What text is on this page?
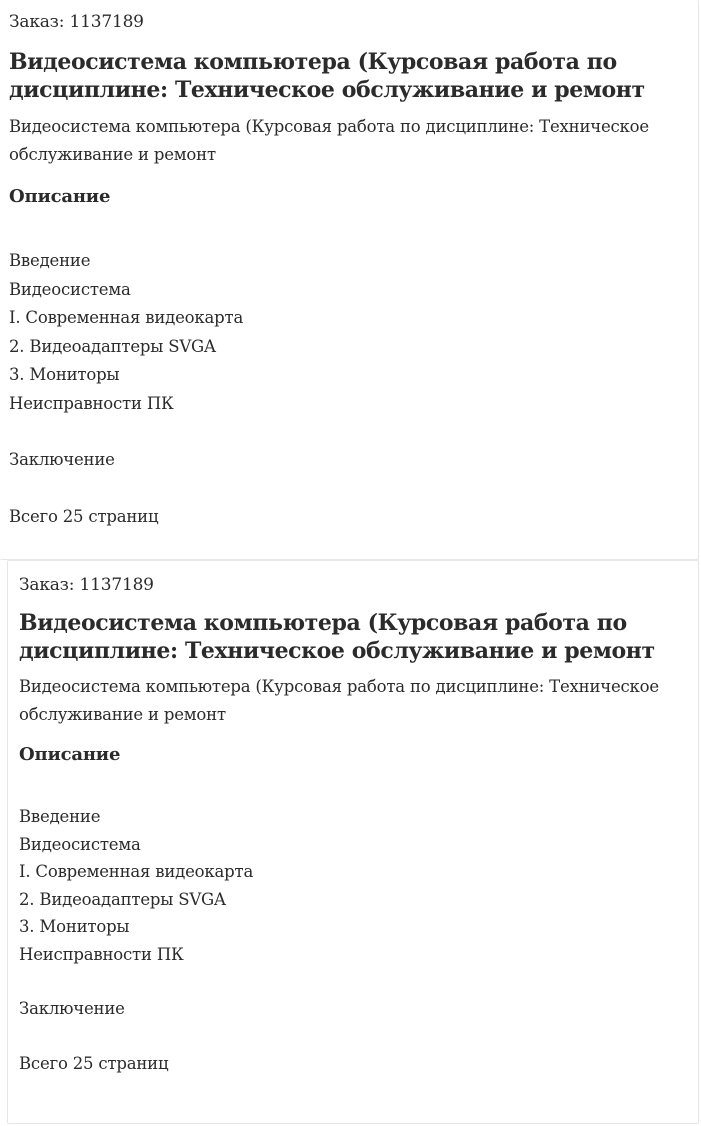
Заказ: 1137189

Видеосистема компьютера (Курсовая работа по дисциплине: Техническое обслуживание и ремонт

Видеосистема компьютера (Курсовая работа по дисциплине: Техническое обслуживание и ремонт

Описание
Введение
Видеосистема
I. Современная видеокарта
2. Видеоадаптеры SVGA
3. Мониторы
Неисправности ПК
Заключение
Всего 25 страниц

Заказ: 1137189

Видеосистема компьютера (Курсовая работа по дисциплине: Техническое обслуживание и ремонт

Видеосистема компьютера (Курсовая работа по дисциплине: Техническое обслуживание и ремонт

Описание
Введение
Видеосистема
I. Современная видеокарта
2. Видеоадаптеры SVGA
3. Мониторы
Неисправности ПК
Заключение
Всего 25 страниц
